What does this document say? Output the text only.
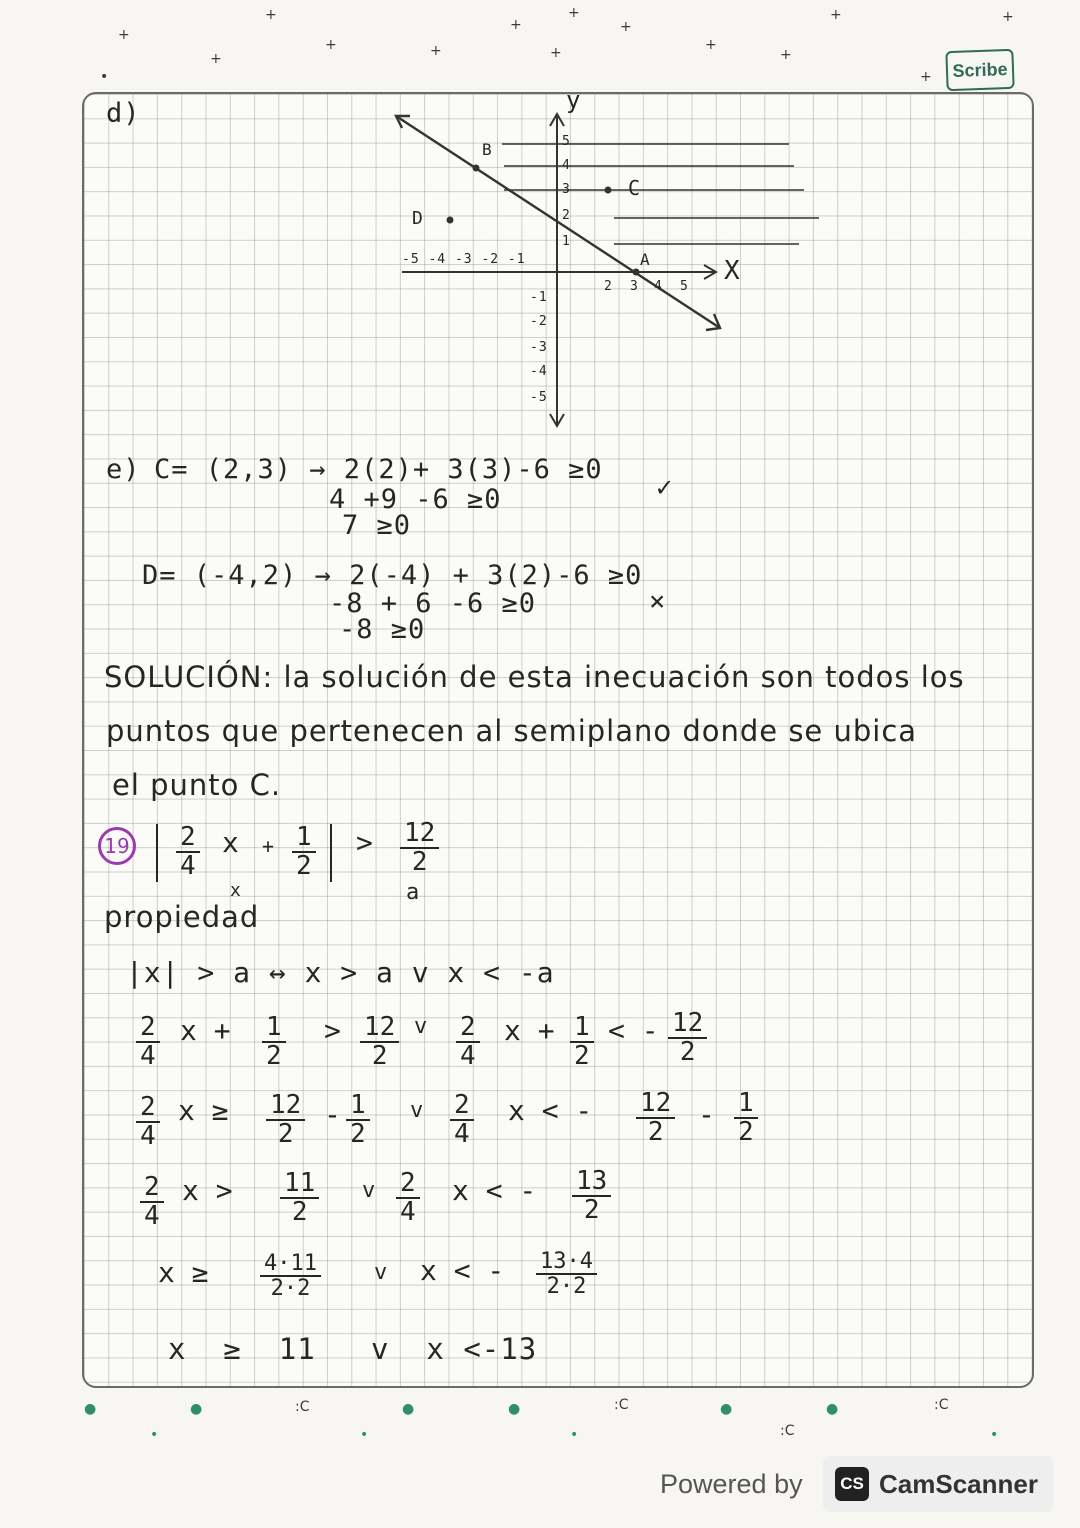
+
+
+	+
+
+
+
+
+
+	+
•
+	+
+	Scribe
d)	y
X
-5 -4 -3 -2 -1
2 3 4 5
5
4
3
2
1
-1
-2
-3
-4
-5
A
B
C
D
e) C= (2,3) → 2(2)+ 3(3)-6 ≥0
4 +9 -6 ≥0
7 ≥0
✓
D= (-4,2) → 2(-4) + 3(2)-6 ≥0
-8 + 6 -6 ≥0
-8 ≥0
×
SOLUCIÓN: la solución de esta inecuación son todos los
puntos que pertenecen al semiplano donde se ubica
el punto C.
$19 \frac{2}{4}$ $x + \frac{1}{2} > \frac{12}{2}$
a
x
propiedad
|x| > a ↔ x > a v x < -a
$\frac{2}{4}$ $x + \frac{1}{2} > \frac{12}{2}$ v $\frac{2}{4}$ $x + \frac{1}{2}$ < - $\frac{12}{2}$
$\frac{2}{4}$ $x \ge \frac{12}{2} - \frac{1}{2}$ v $\frac{2}{4}$ x < - $\frac{12}{2} - \frac{1}{2}$
$\frac{2}{4}$ $x > \frac{11}{2}$ v $\frac{2}{4}$ x < - $\frac{13}{2}$
$x \ge \frac{4\cdot 11}{2\cdot 2}$ v x < - $\frac{13\cdot 4}{2\cdot 2}$
x  ≥  11   v  x <-13
●	●	:C	●	●	:C	●	●	:C
•	•	•	:C	•
Powered by	CS CamScanner
